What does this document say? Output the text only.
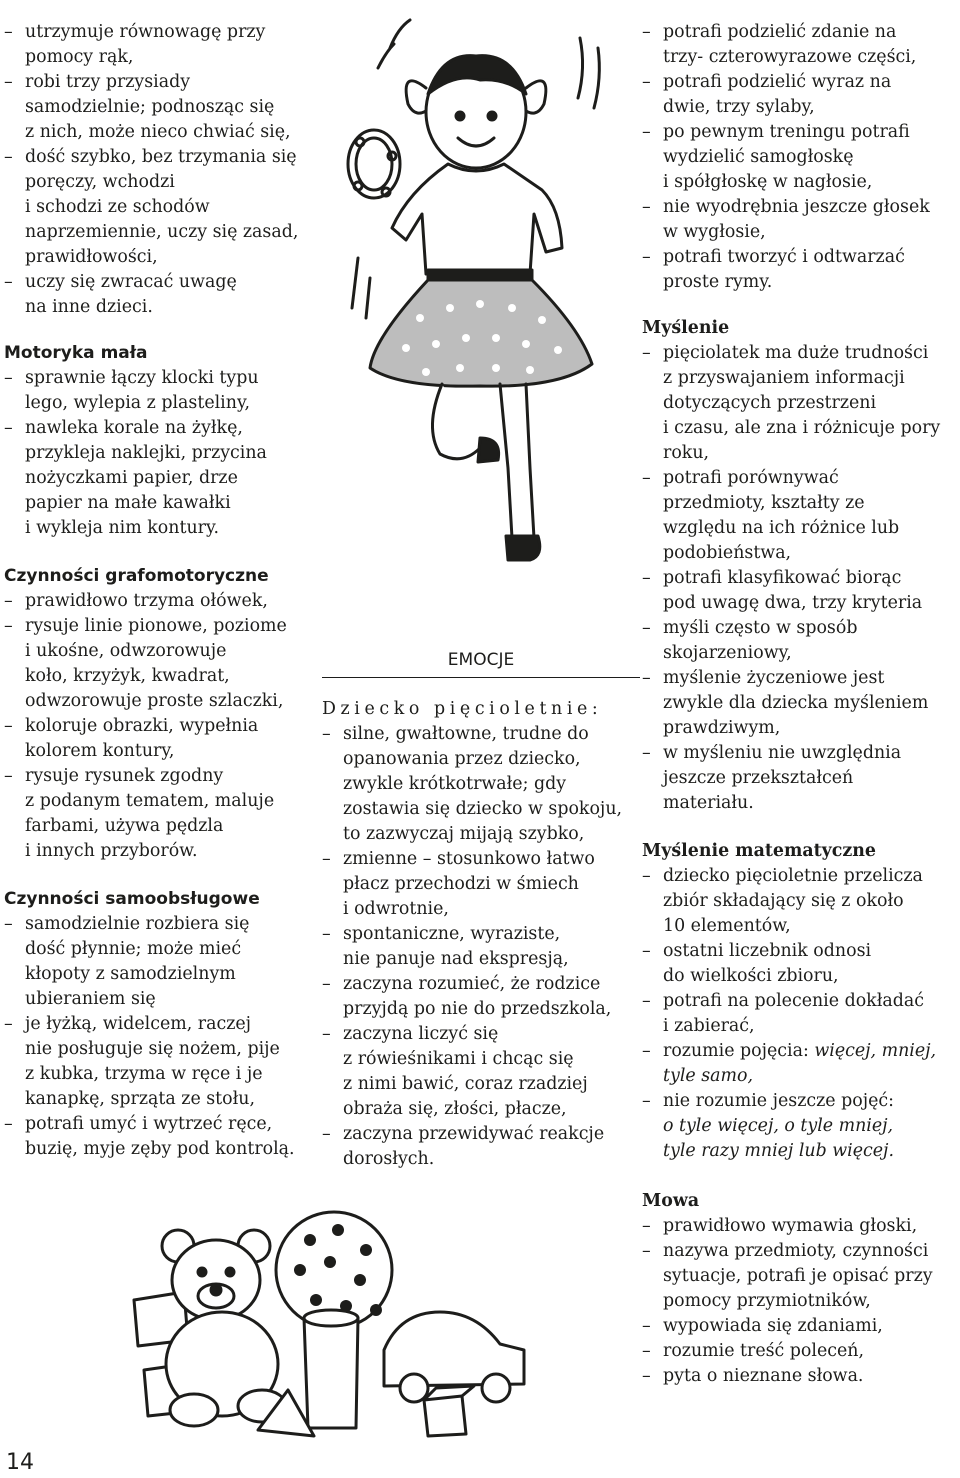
– utrzymuje równowagę przy
pomocy rąk,
– robi trzy przysiady
samodzielnie; podnosząc się
z nich, może nieco chwiać się,
– dość szybko, bez trzymania się
poręczy, wchodzi
i schodzi ze schodów
naprzemiennie, uczy się zasad,
prawidłowości,
– uczy się zwracać uwagę
na inne dzieci.
Motoryka mała
– sprawnie łączy klocki typu
lego, wylepia z plasteliny,
– nawleka korale na żyłkę,
przykleja naklejki, przycina
nożyczkami papier, drze
papier na małe kawałki
i wykleja nim kontury.
Czynności grafomotoryczne
– prawidłowo trzyma ołówek,
– rysuje linie pionowe, poziome
i ukośne, odwzorowuje
koło, krzyżyk, kwadrat,
odwzorowuje proste szlaczki,
– koloruje obrazki, wypełnia
kolorem kontury,
– rysuje rysunek zgodny
z podanym tematem, maluje
farbami, używa pędzla
i innych przyborów.
Czynności samoobsługowe
– samodzielnie rozbiera się
dość płynnie; może mieć
kłopoty z samodzielnym
ubieraniem się
– je łyżką, widelcem, raczej
nie posługuje się nożem, pije
z kubka, trzyma w ręce i je
kanapkę, sprząta ze stołu,
– potrafi umyć i wytrzeć ręce,
buzię, myje zęby pod kontrolą.
EMOCJE
Dziecko pięcioletnie:
– silne, gwałtowne, trudne do
opanowania przez dziecko,
zwykle krótkotrwałe; gdy
zostawia się dziecko w spokoju,
to zazwyczaj mijają szybko,
– zmienne – stosunkowo łatwo
płacz przechodzi w śmiech
i odwrotnie,
– spontaniczne, wyraziste,
nie panuje nad ekspresją,
– zaczyna rozumieć, że rodzice
przyjdą po nie do przedszkola,
– zaczyna liczyć się
z rówieśnikami i chcąc się
z nimi bawić, coraz rzadziej
obraża się, złości, płacze,
– zaczyna przewidywać reakcje
dorosłych.
– potrafi podzielić zdanie na
trzy- czterowyrazowe części,
– potrafi podzielić wyraz na
dwie, trzy sylaby,
– po pewnym treningu potrafi
wydzielić samogłoskę
i spółgłoskę w nagłosie,
– nie wyodrębnia jeszcze głosek
w wygłosie,
– potrafi tworzyć i odtwarzać
proste rymy.
Myślenie
– pięciolatek ma duże trudności
z przyswajaniem informacji
dotyczących przestrzeni
i czasu, ale zna i różnicuje pory
roku,
– potrafi porównywać
przedmioty, kształty ze
względu na ich różnice lub
podobieństwa,
– potrafi klasyfikować biorąc
pod uwagę dwa, trzy kryteria
– myśli często w sposób
skojarzeniowy,
– myślenie życzeniowe jest
zwykle dla dziecka myśleniem
prawdziwym,
– w myśleniu nie uwzględnia
jeszcze przekształceń
materiału.
Myślenie matematyczne
– dziecko pięcioletnie przelicza
zbiór składający się z około
10 elementów,
– ostatni liczebnik odnosi
do wielkości zbioru,
– potrafi na polecenie dokładać
i zabierać,
– rozumie pojęcia: więcej, mniej,
tyle samo,
– nie rozumie jeszcze pojęć:
o tyle więcej, o tyle mniej,
tyle razy mniej lub więcej.
Mowa
– prawidłowo wymawia głoski,
– nazywa przedmioty, czynności
sytuacje, potrafi je opisać przy
pomocy przymiotników,
– wypowiada się zdaniami,
– rozumie treść poleceń,
– pyta o nieznane słowa.
14
